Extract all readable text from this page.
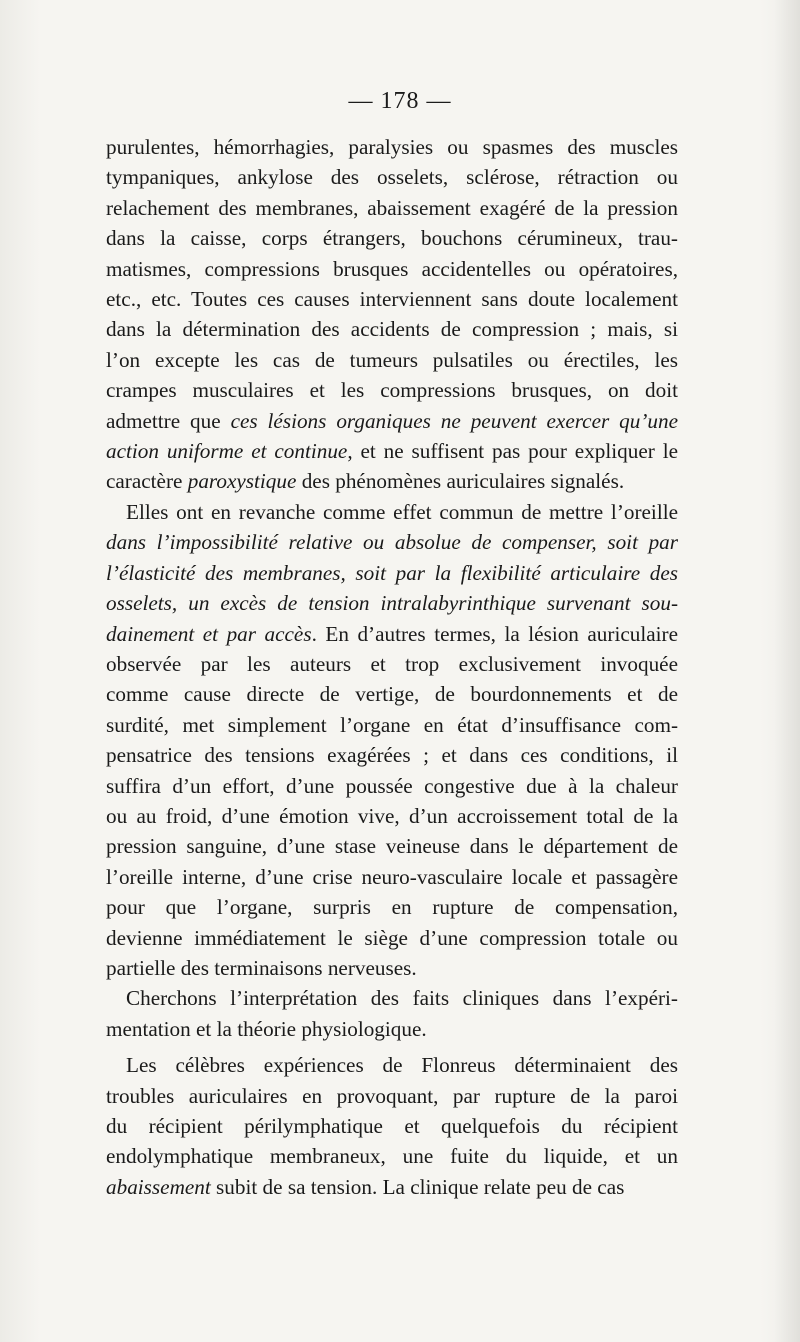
— 178 —

purulentes, hémorrhagies, paralysies ou spasmes des muscles

tympaniques, ankylose des osselets, sclérose, rétraction ou

relachement des membranes, abaissement exagéré de la pression

dans la caisse, corps étrangers, bouchons cérumineux, trau-

matismes, compressions brusques accidentelles ou opératoires,

etc., etc. Toutes ces causes interviennent sans doute localement

dans la détermination des accidents de compression ; mais, si

l’on excepte les cas de tumeurs pulsatiles ou érectiles, les

crampes musculaires et les compressions brusques, on doit

admettre que ces lésions organiques ne peuvent exercer qu’une

action uniforme et continue, et ne suffisent pas pour expliquer le

caractère paroxystique des phénomènes auriculaires signalés.

Elles ont en revanche comme effet commun de mettre l’oreille

dans l’impossibilité relative ou absolue de compenser, soit par

l’élasticité des membranes, soit par la flexibilité articulaire des

osselets, un excès de tension intralabyrinthique survenant sou-

dainement et par accès. En d’autres termes, la lésion auriculaire

observée par les auteurs et trop exclusivement invoquée

comme cause directe de vertige, de bourdonnements et de

surdité, met simplement l’organe en état d’insuffisance com-

pensatrice des tensions exagérées ; et dans ces conditions, il

suffira d’un effort, d’une poussée congestive due à la chaleur

ou au froid, d’une émotion vive, d’un accroissement total de la

pression sanguine, d’une stase veineuse dans le département de

l’oreille interne, d’une crise neuro-vasculaire locale et passagère

pour que l’organe, surpris en rupture de compensation,

devienne immédiatement le siège d’une compression totale ou

partielle des terminaisons nerveuses.

Cherchons l’interprétation des faits cliniques dans l’expéri-

mentation et la théorie physiologique.

Les célèbres expériences de Flonreus déterminaient des

troubles auriculaires en provoquant, par rupture de la paroi

du récipient périlymphatique et quelquefois du récipient

endolymphatique membraneux, une fuite du liquide, et un

abaissement subit de sa tension. La clinique relate peu de cas
